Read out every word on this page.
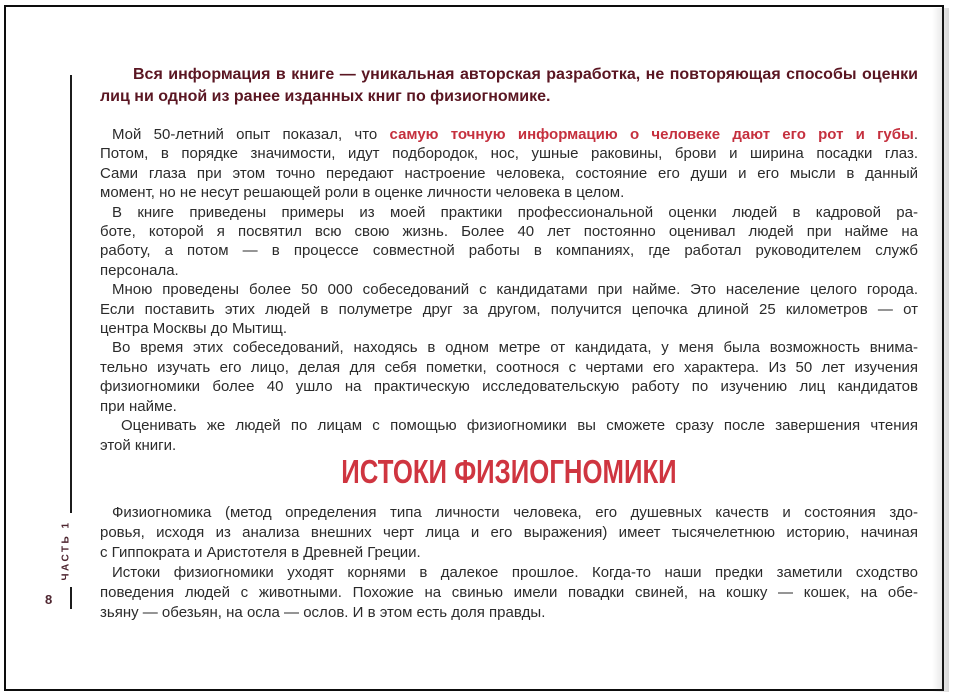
ЧАСТЬ 1
8
Вся информация в книге — уникальная авторская разработка, не повторяющая способы оценки
лиц ни одной из ранее изданных книг по физиогномике.
Мой 50-летний опыт показал, что самую точную информацию о человеке дают его рот и губы.
Потом, в порядке значимости, идут подбородок, нос, ушные раковины, брови и ширина посадки глаз.
Сами глаза при этом точно передают настроение человека, состояние его души и его мысли в данный
момент, но не несут решающей роли в оценке личности человека в целом.
В книге приведены примеры из моей практики профессиональной оценки людей в кадровой ра-
боте, которой я посвятил всю свою жизнь. Более 40 лет постоянно оценивал людей при найме на
работу, а потом — в процессе совместной работы в компаниях, где работал руководителем служб
персонала.
Мною проведены более 50 000 собеседований с кандидатами при найме. Это население целого города.
Если поставить этих людей в полуметре друг за другом, получится цепочка длиной 25 километров — от
центра Москвы до Мытищ.
Во время этих собеседований, находясь в одном метре от кандидата, у меня была возможность внима-
тельно изучать его лицо, делая для себя пометки, соотнося с чертами его характера. Из 50 лет изучения
физиогномики более 40 ушло на практическую исследовательскую работу по изучению лиц кандидатов
при найме.
Оценивать же людей по лицам с помощью физиогномики вы сможете сразу после завершения чтения
этой книги.
ИСТОКИ ФИЗИОГНОМИКИ
Физиогномика (метод определения типа личности человека, его душевных качеств и состояния здо-
ровья, исходя из анализа внешних черт лица и его выражения) имеет тысячелетнюю историю, начиная
с Гиппократа и Аристотеля в Древней Греции.
Истоки физиогномики уходят корнями в далекое прошлое. Когда-то наши предки заметили сходство
поведения людей с животными. Похожие на свинью имели повадки свиней, на кошку — кошек, на обе-
зьяну — обезьян, на осла — ослов. И в этом есть доля правды.
